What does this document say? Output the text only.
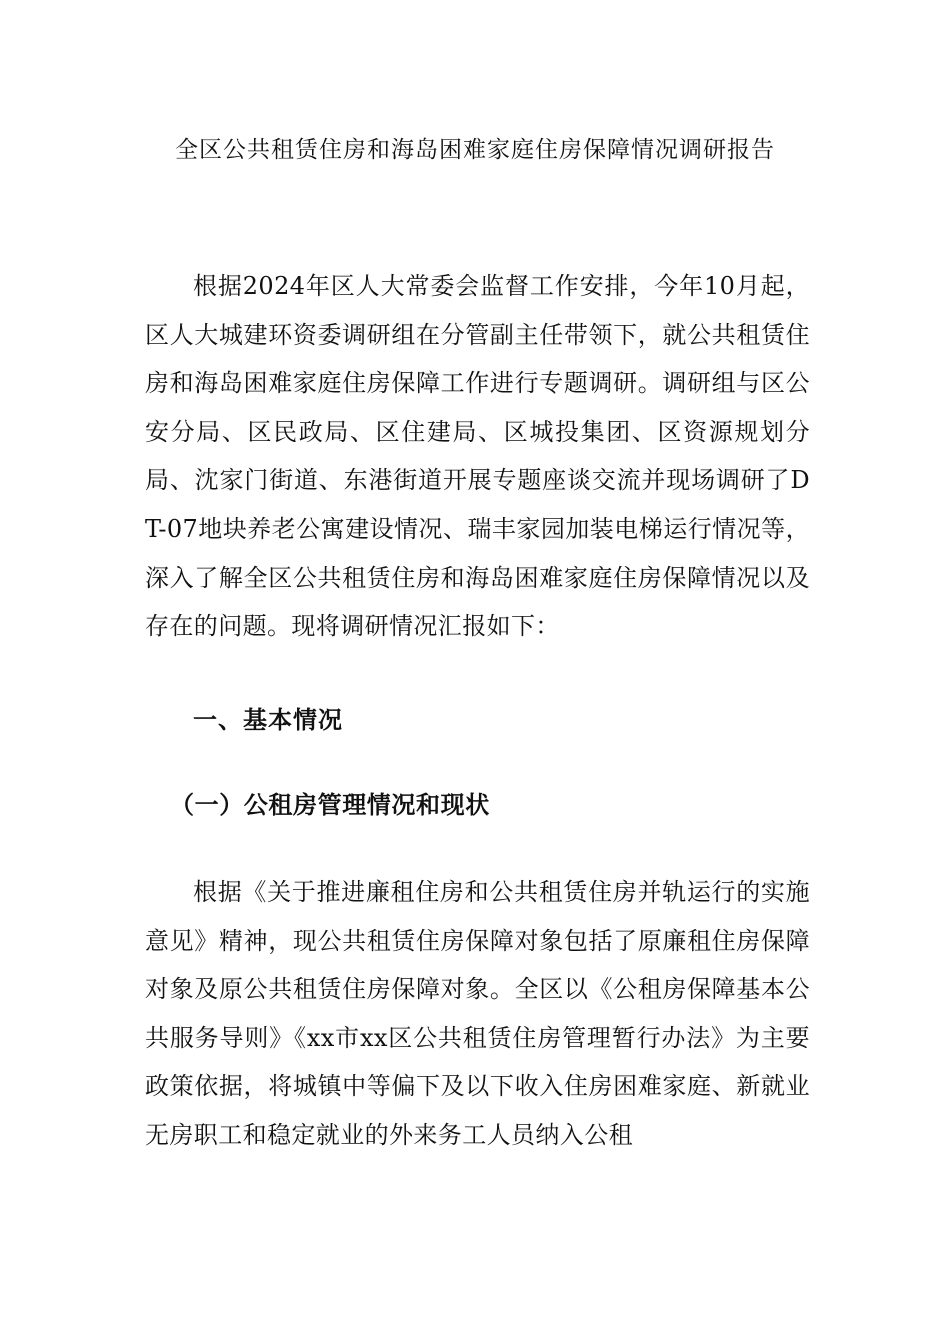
全区公共租赁住房和海岛困难家庭住房保障情况调研报告

根据2024年区人大常委会监督工作安排，今年10月起，区人大城建环资委调研组在分管副主任带领下，就公共租赁住房和海岛困难家庭住房保障工作进行专题调研。调研组与区公安分局、区民政局、区住建局、区城投集团、区资源规划分局、沈家门街道、东港街道开展专题座谈交流并现场调研了DT-07地块养老公寓建设情况、瑞丰家园加装电梯运行情况等，深入了解全区公共租赁住房和海岛困难家庭住房保障情况以及存在的问题。现将调研情况汇报如下：

一、基本情况
（一）公租房管理情况和现状

根据《关于推进廉租住房和公共租赁住房并轨运行的实施意见》精神，现公共租赁住房保障对象包括了原廉租住房保障对象及原公共租赁住房保障对象。全区以《公租房保障基本公共服务导则》《xx市xx区公共租赁住房管理暂行办法》为主要政策依据，将城镇中等偏下及以下收入住房困难家庭、新就业无房职工和稳定就业的外来务工人员纳入公租
